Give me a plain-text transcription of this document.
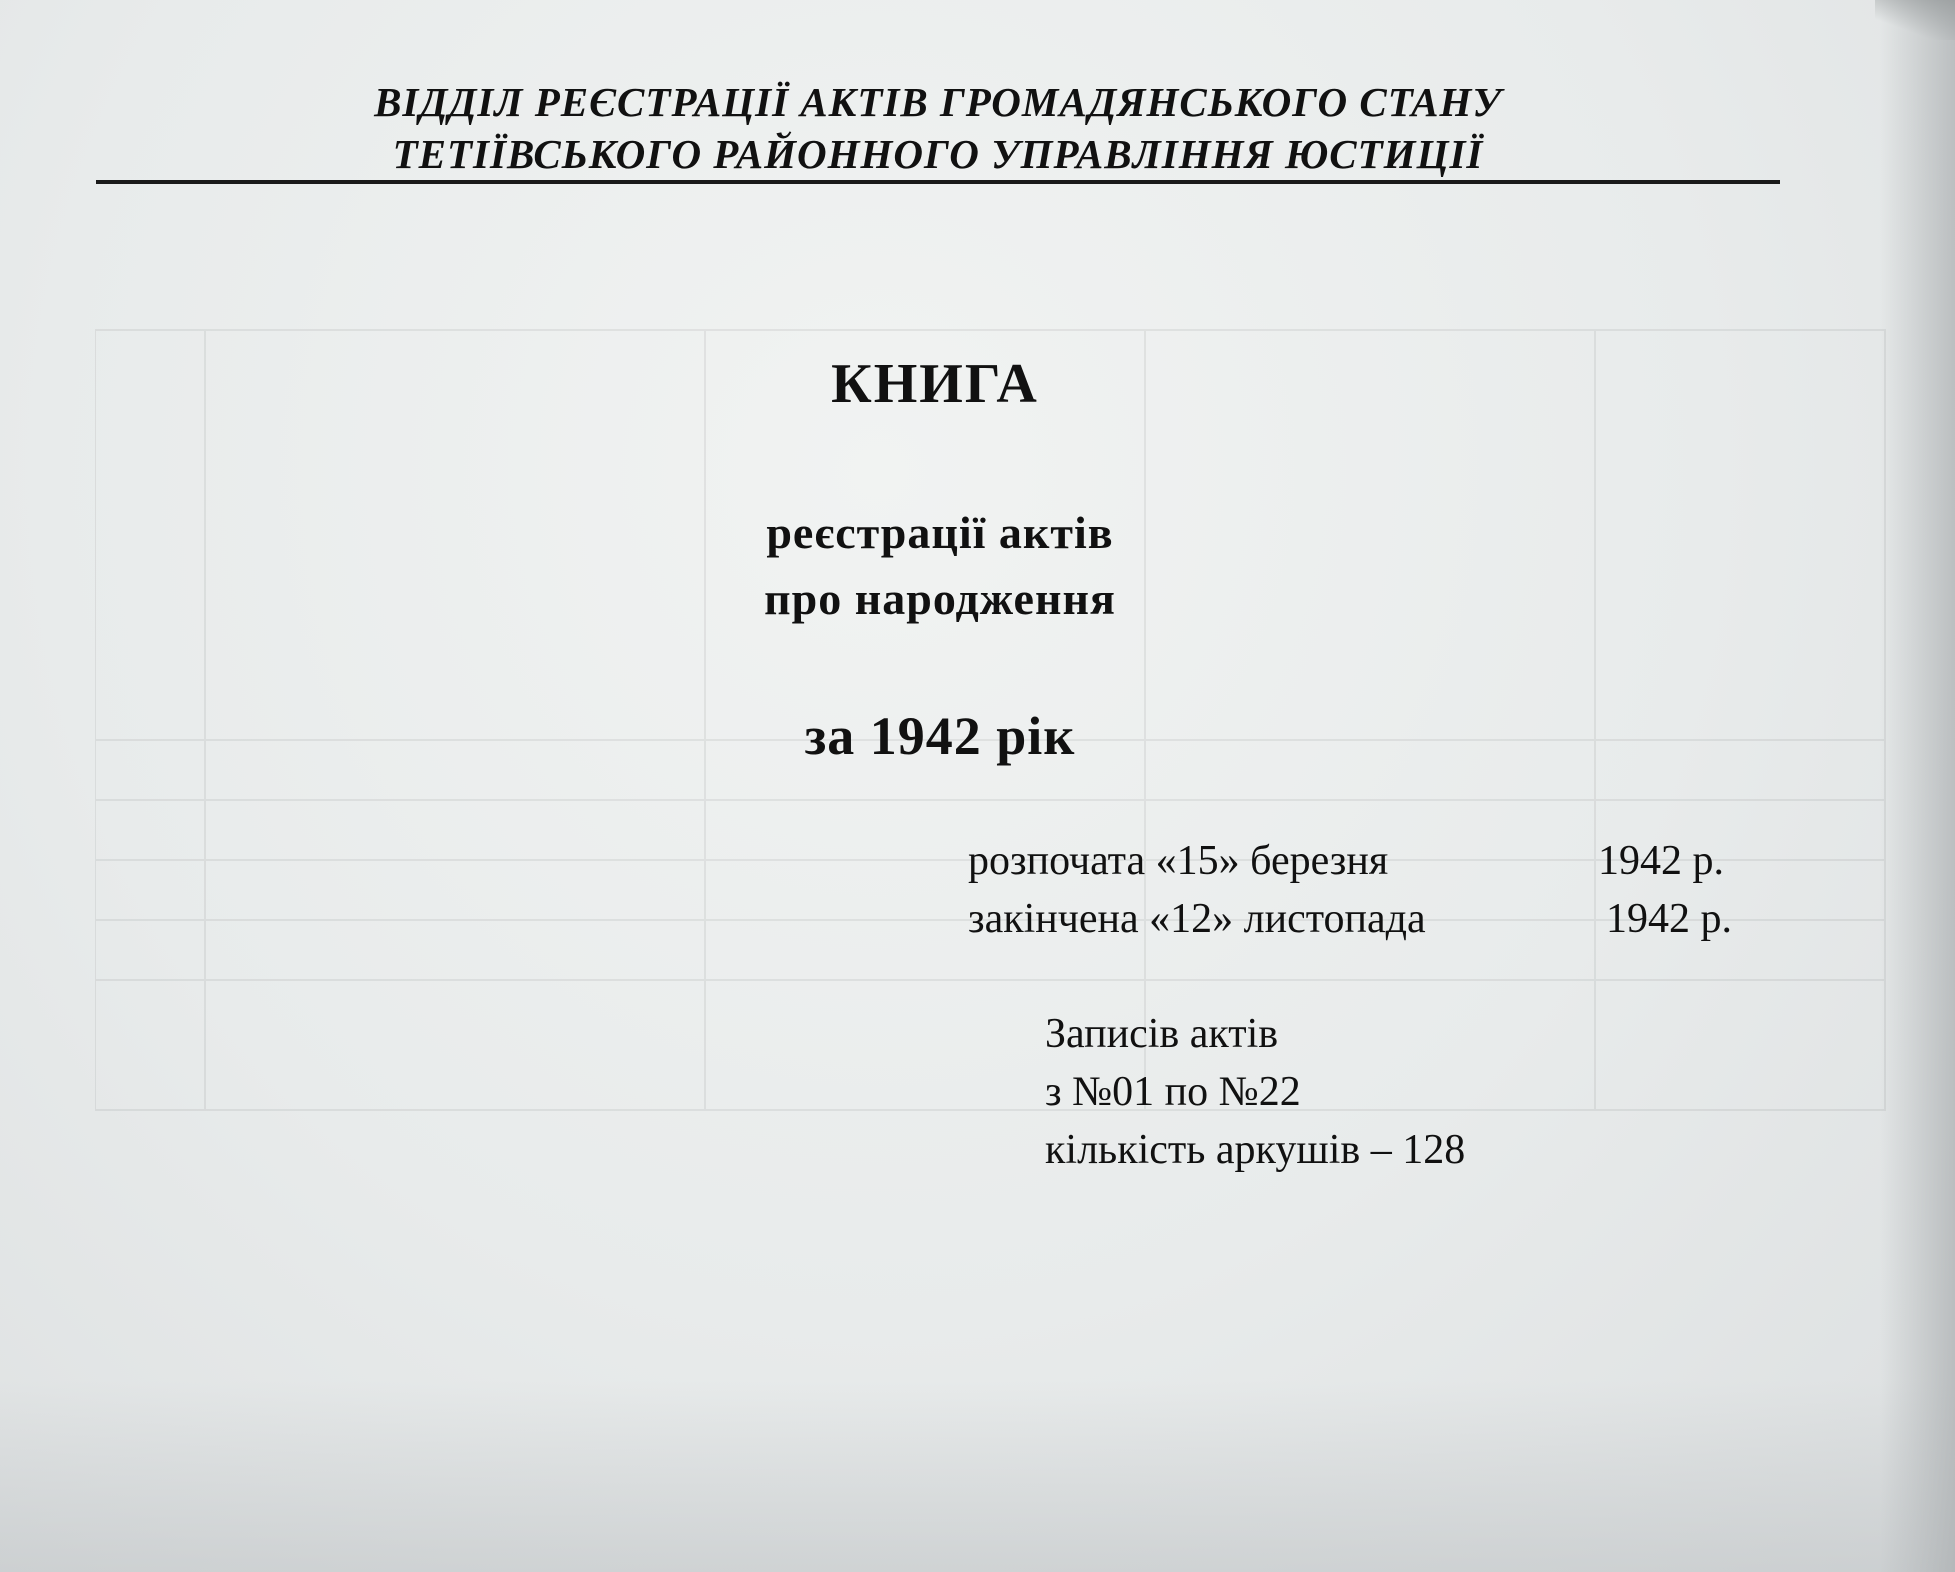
ВІДДІЛ РЕЄСТРАЦІЇ АКТІВ ГРОМАДЯНСЬКОГО СТАНУ
ТЕТІЇВСЬКОГО РАЙОННОГО УПРАВЛІННЯ ЮСТИЦІЇ
КНИГА
реєстрації актів
про народження
за 1942 рік
розпочата «15» березня	1942 р.
закінчена «12» листопада	1942 р.
Записів актів
з №01 по №22
кількість аркушів – 128
